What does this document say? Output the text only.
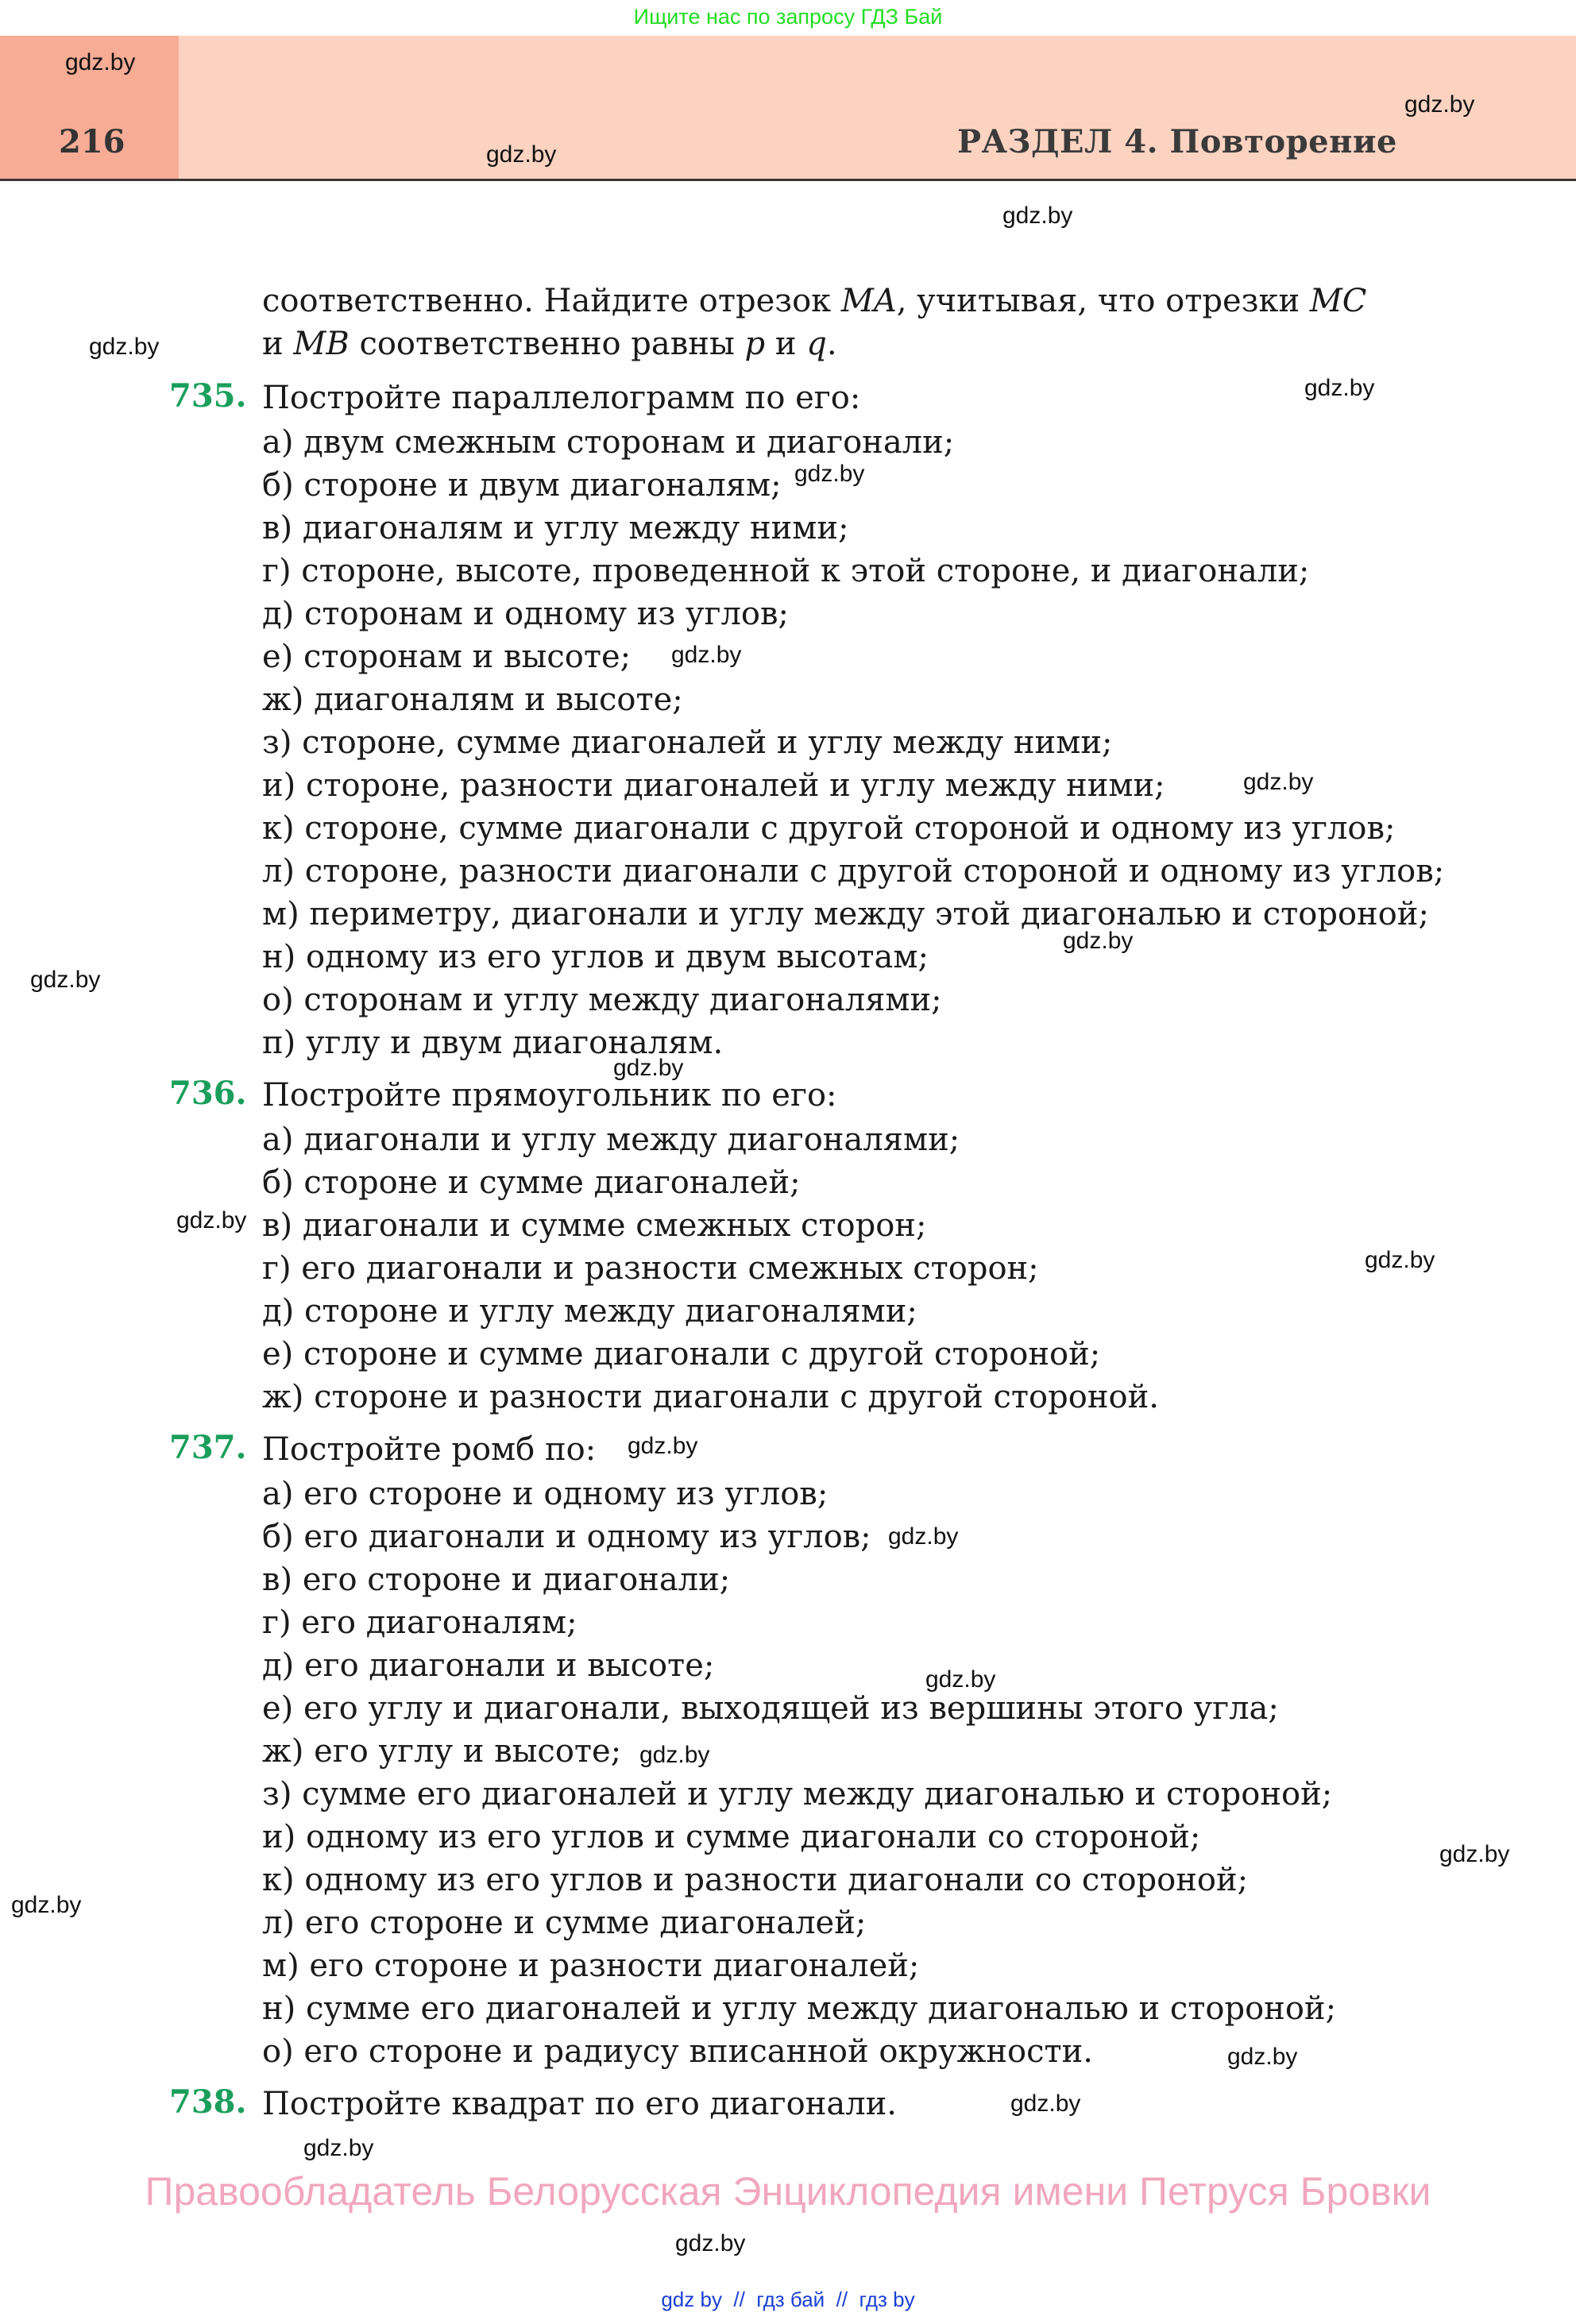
Ищите нас по запросу ГДЗ Бай
216	РАЗДЕЛ 4. Повторение
gdz.by
gdz.by
gdz.by
gdz.by
gdz.by
gdz.by
gdz.by
gdz.by
gdz.by
gdz.by
gdz.by
gdz.by
gdz.by
gdz.by
gdz.by
gdz.by
gdz.by
gdz.by
gdz.by
gdz.by
gdz.by
gdz.by
gdz.by
gdz.by
соответственно. Найдите отрезок MA, учитывая, что отрезки MC
и MB соответственно равны p и q.
735. Постройте параллелограмм по его:
а) двум смежным сторонам и диагонали;
б) стороне и двум диагоналям;
в) диагоналям и углу между ними;
г) стороне, высоте, проведенной к этой стороне, и диагонали;
д) сторонам и одному из углов;
е) сторонам и высоте;
ж) диагоналям и высоте;
з) стороне, сумме диагоналей и углу между ними;
и) стороне, разности диагоналей и углу между ними;
к) стороне, сумме диагонали с другой стороной и одному из углов;
л) стороне, разности диагонали с другой стороной и одному из углов;
м) периметру, диагонали и углу между этой диагональю и стороной;
н) одному из его углов и двум высотам;
о) сторонам и углу между диагоналями;
п) углу и двум диагоналям.
736. Постройте прямоугольник по его:
а) диагонали и углу между диагоналями;
б) стороне и сумме диагоналей;
в) диагонали и сумме смежных сторон;
г) его диагонали и разности смежных сторон;
д) стороне и углу между диагоналями;
е) стороне и сумме диагонали с другой стороной;
ж) стороне и разности диагонали с другой стороной.
737. Постройте ромб по:
а) его стороне и одному из углов;
б) его диагонали и одному из углов;
в) его стороне и диагонали;
г) его диагоналям;
д) его диагонали и высоте;
е) его углу и диагонали, выходящей из вершины этого угла;
ж) его углу и высоте;
з) сумме его диагоналей и углу между диагональю и стороной;
и) одному из его углов и сумме диагонали со стороной;
к) одному из его углов и разности диагонали со стороной;
л) его стороне и сумме диагоналей;
м) его стороне и разности диагоналей;
н) сумме его диагоналей и углу между диагональю и стороной;
о) его стороне и радиусу вписанной окружности.
738. Постройте квадрат по его диагонали.
Правообладатель Белорусская Энциклопедия имени Петруся Бровки
gdz by  //  гдз бай  //  гдз by
